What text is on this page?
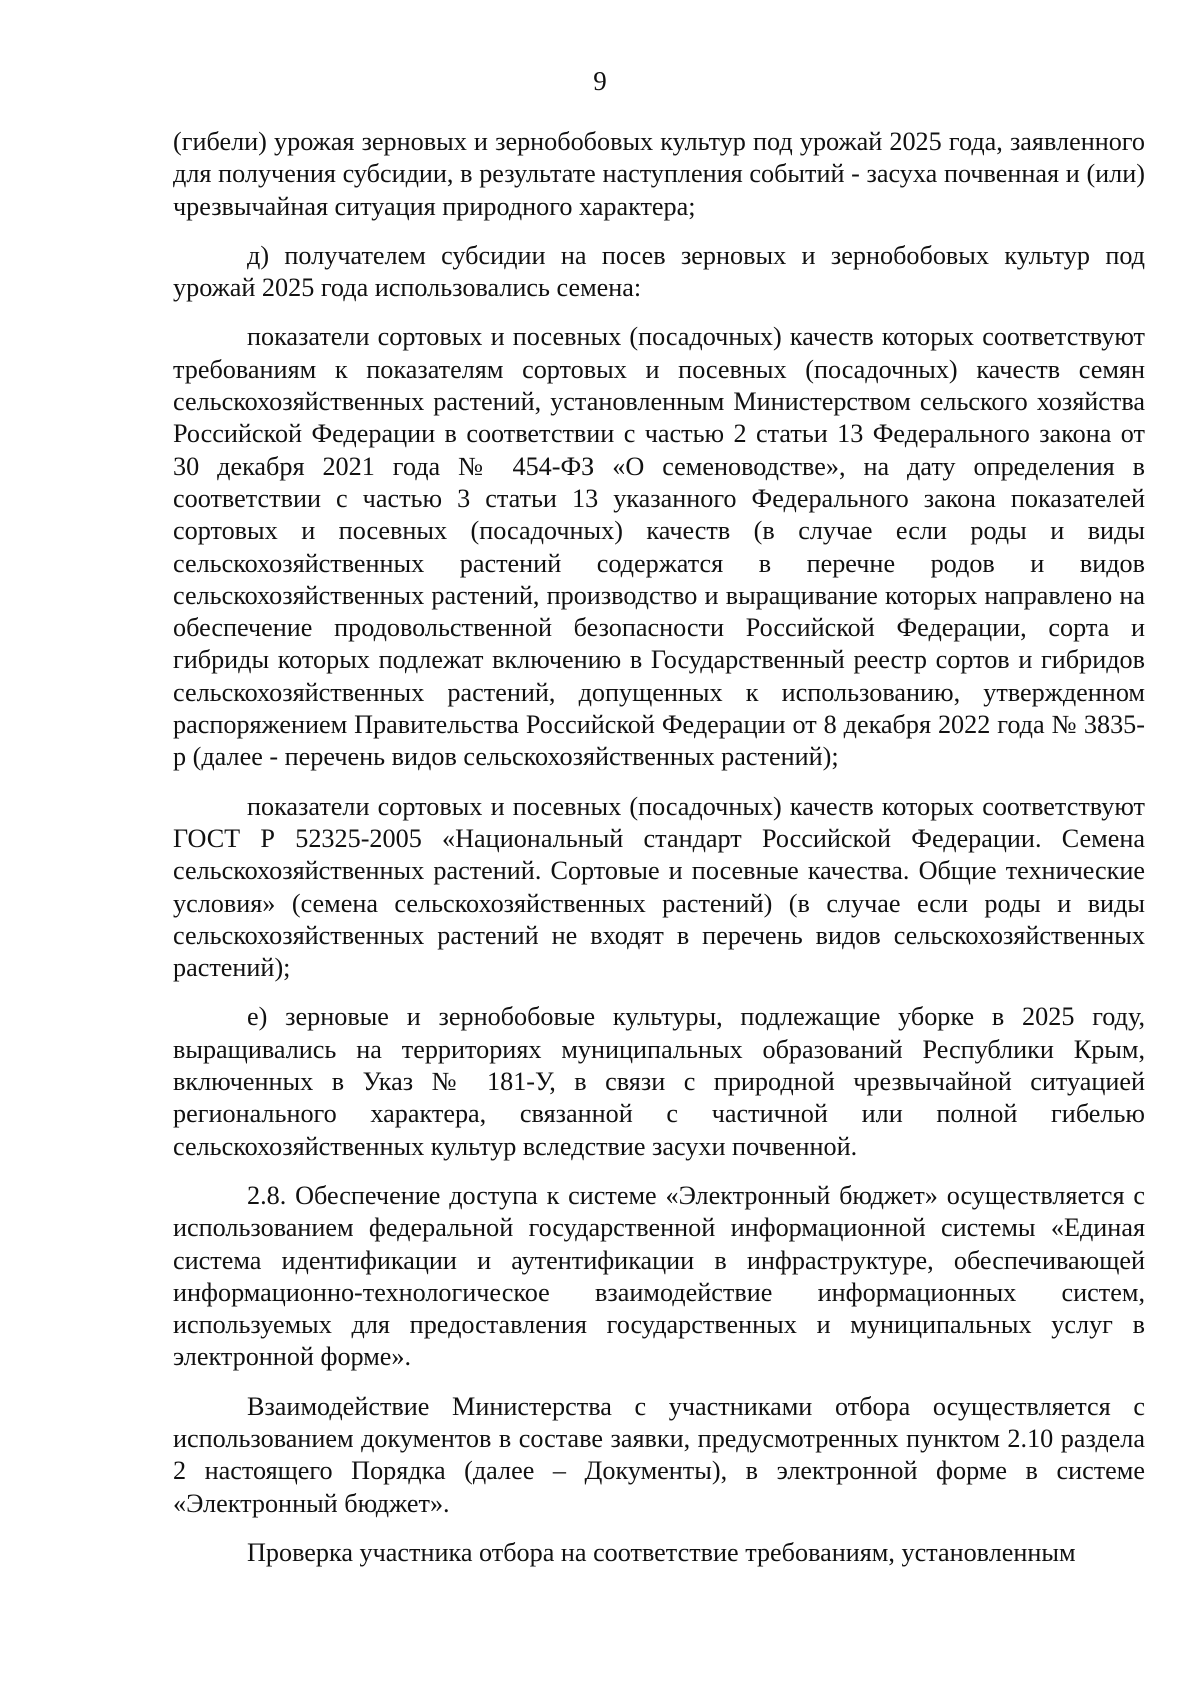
9

(гибели) урожая зерновых и зернобобовых культур под урожай 2025 года, заявленного для получения субсидии, в результате наступления событий - засуха почвенная и (или) чрезвычайная ситуация природного характера;

д) получателем субсидии на посев зерновых и зернобобовых культур под урожай 2025 года использовались семена:

показатели сортовых и посевных (посадочных) качеств которых соответствуют требованиям к показателям сортовых и посевных (посадочных) качеств семян сельскохозяйственных растений, установленным Министерством сельского хозяйства Российской Федерации в соответствии с частью 2 статьи 13 Федерального закона от 30 декабря 2021 года № 454-ФЗ «О семеноводстве», на дату определения в соответствии с частью 3 статьи 13 указанного Федерального закона показателей сортовых и посевных (посадочных) качеств (в случае если роды и виды сельскохозяйственных растений содержатся в перечне родов и видов сельскохозяйственных растений, производство и выращивание которых направлено на обеспечение продовольственной безопасности Российской Федерации, сорта и гибриды которых подлежат включению в Государственный реестр сортов и гибридов сельскохозяйственных растений, допущенных к использованию, утвержденном распоряжением Правительства Российской Федерации от 8 декабря 2022 года № 3835-р (далее - перечень видов сельскохозяйственных растений);

показатели сортовых и посевных (посадочных) качеств которых соответствуют ГОСТ Р 52325-2005 «Национальный стандарт Российской Федерации. Семена сельскохозяйственных растений. Сортовые и посевные качества. Общие технические условия» (семена сельскохозяйственных растений) (в случае если роды и виды сельскохозяйственных растений не входят в перечень видов сельскохозяйственных растений);

е) зерновые и зернобобовые культуры, подлежащие уборке в 2025 году, выращивались на территориях муниципальных образований Республики Крым, включенных в Указ № 181-У, в связи с природной чрезвычайной ситуацией регионального характера, связанной с частичной или полной гибелью сельскохозяйственных культур вследствие засухи почвенной.

2.8. Обеспечение доступа к системе «Электронный бюджет» осуществляется с использованием федеральной государственной информационной системы «Единая система идентификации и аутентификации в инфраструктуре, обеспечивающей информационно-технологическое взаимодействие информационных систем, используемых для предоставления государственных и муниципальных услуг в электронной форме».

Взаимодействие Министерства с участниками отбора осуществляется с использованием документов в составе заявки, предусмотренных пунктом 2.10 раздела 2 настоящего Порядка (далее – Документы), в электронной форме в системе «Электронный бюджет».

Проверка участника отбора на соответствие требованиям, установленным
